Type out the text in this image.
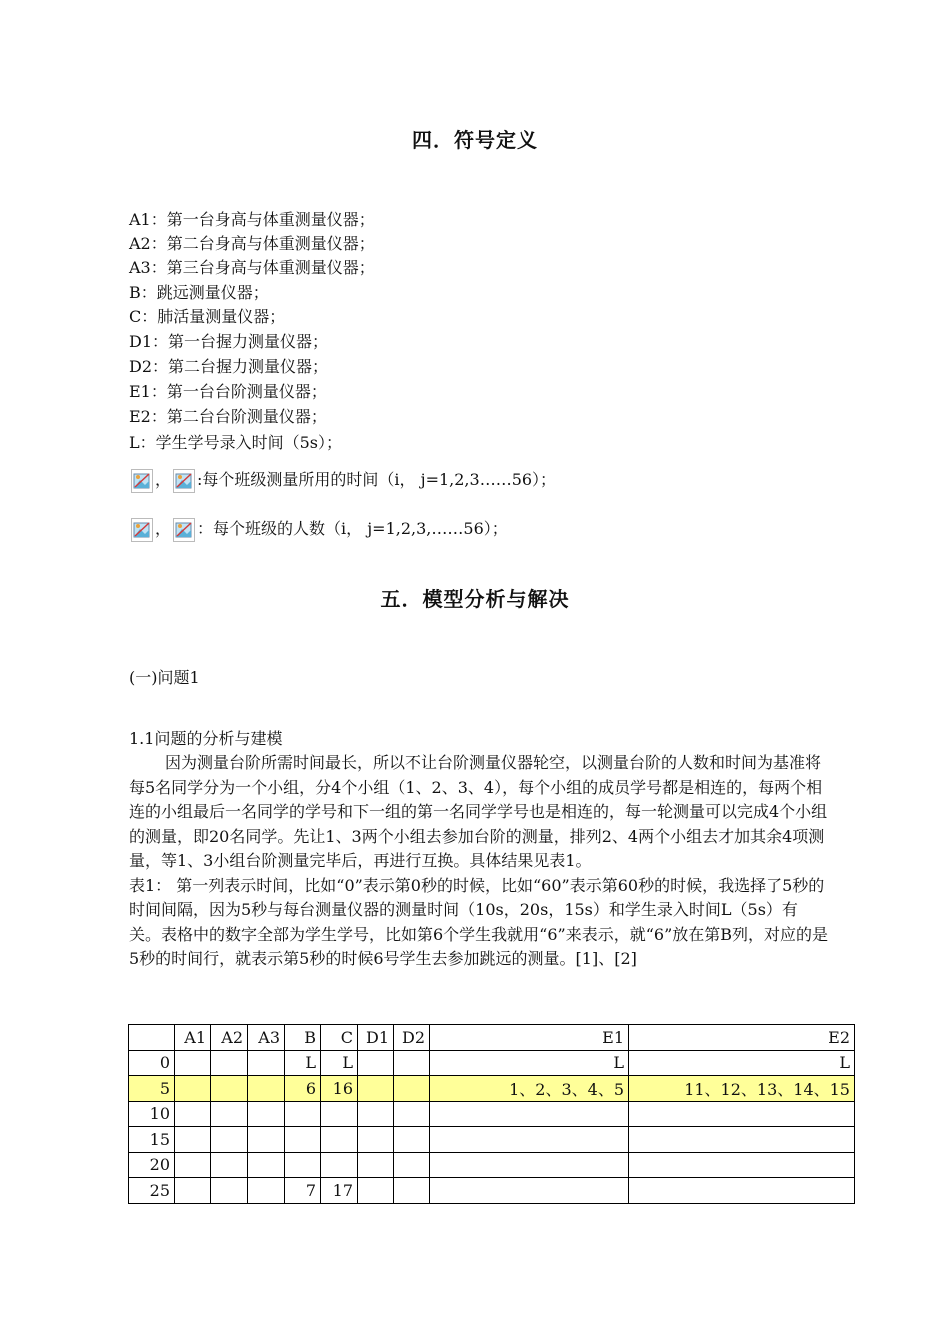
四．符号定义
A1：第一台身高与体重测量仪器；
A2：第二台身高与体重测量仪器；
A3：第三台身高与体重测量仪器；
B：跳远测量仪器；
C：肺活量测量仪器；
D1：第一台握力测量仪器；
D2：第二台握力测量仪器；
E1：第一台台阶测量仪器；
E2：第二台台阶测量仪器；
L：学生学号录入时间（5s）；
， :每个班级测量所用的时间（i， j=1,2,3……56）；
， ：每个班级的人数（i， j=1,2,3,……56）；
五．模型分析与解决
(一)问题1
1.1问题的分析与建模

因为测量台阶所需时间最长，所以不让台阶测量仪器轮空，以测量台阶的人数和时间为基准将每5名同学分为一个小组，分4个小组（1、2、3、4），每个小组的成员学号都是相连的，每两个相连的小组最后一名同学的学号和下一组的第一名同学学号也是相连的，每一轮测量可以完成4个小组的测量，即20名同学。先让1、3两个小组去参加台阶的测量，排列2、4两个小组去才加其余4项测量，等1、3小组台阶测量完毕后，再进行互换。具体结果见表1。

表1： 第一列表示时间，比如“0”表示第0秒的时候，比如“60”表示第60秒的时候，我选择了5秒的时间间隔，因为5秒与每台测量仪器的测量时间（10s，20s，15s）和学生录入时间L（5s）有关。表格中的数字全部为学生学号，比如第6个学生我就用“6”来表示，就“6”放在第B列，对应的是5秒的时间行，就表示第5秒的时候6号学生去参加跳远的测量。[1]、[2]

	A1	A2	A3	B	C	D1	D2	E1	E2
0				L	L			L	L
5				6	16			1、2、3、4、5	11、12、13、14、15
10									
15									
20									
25				7	17				
